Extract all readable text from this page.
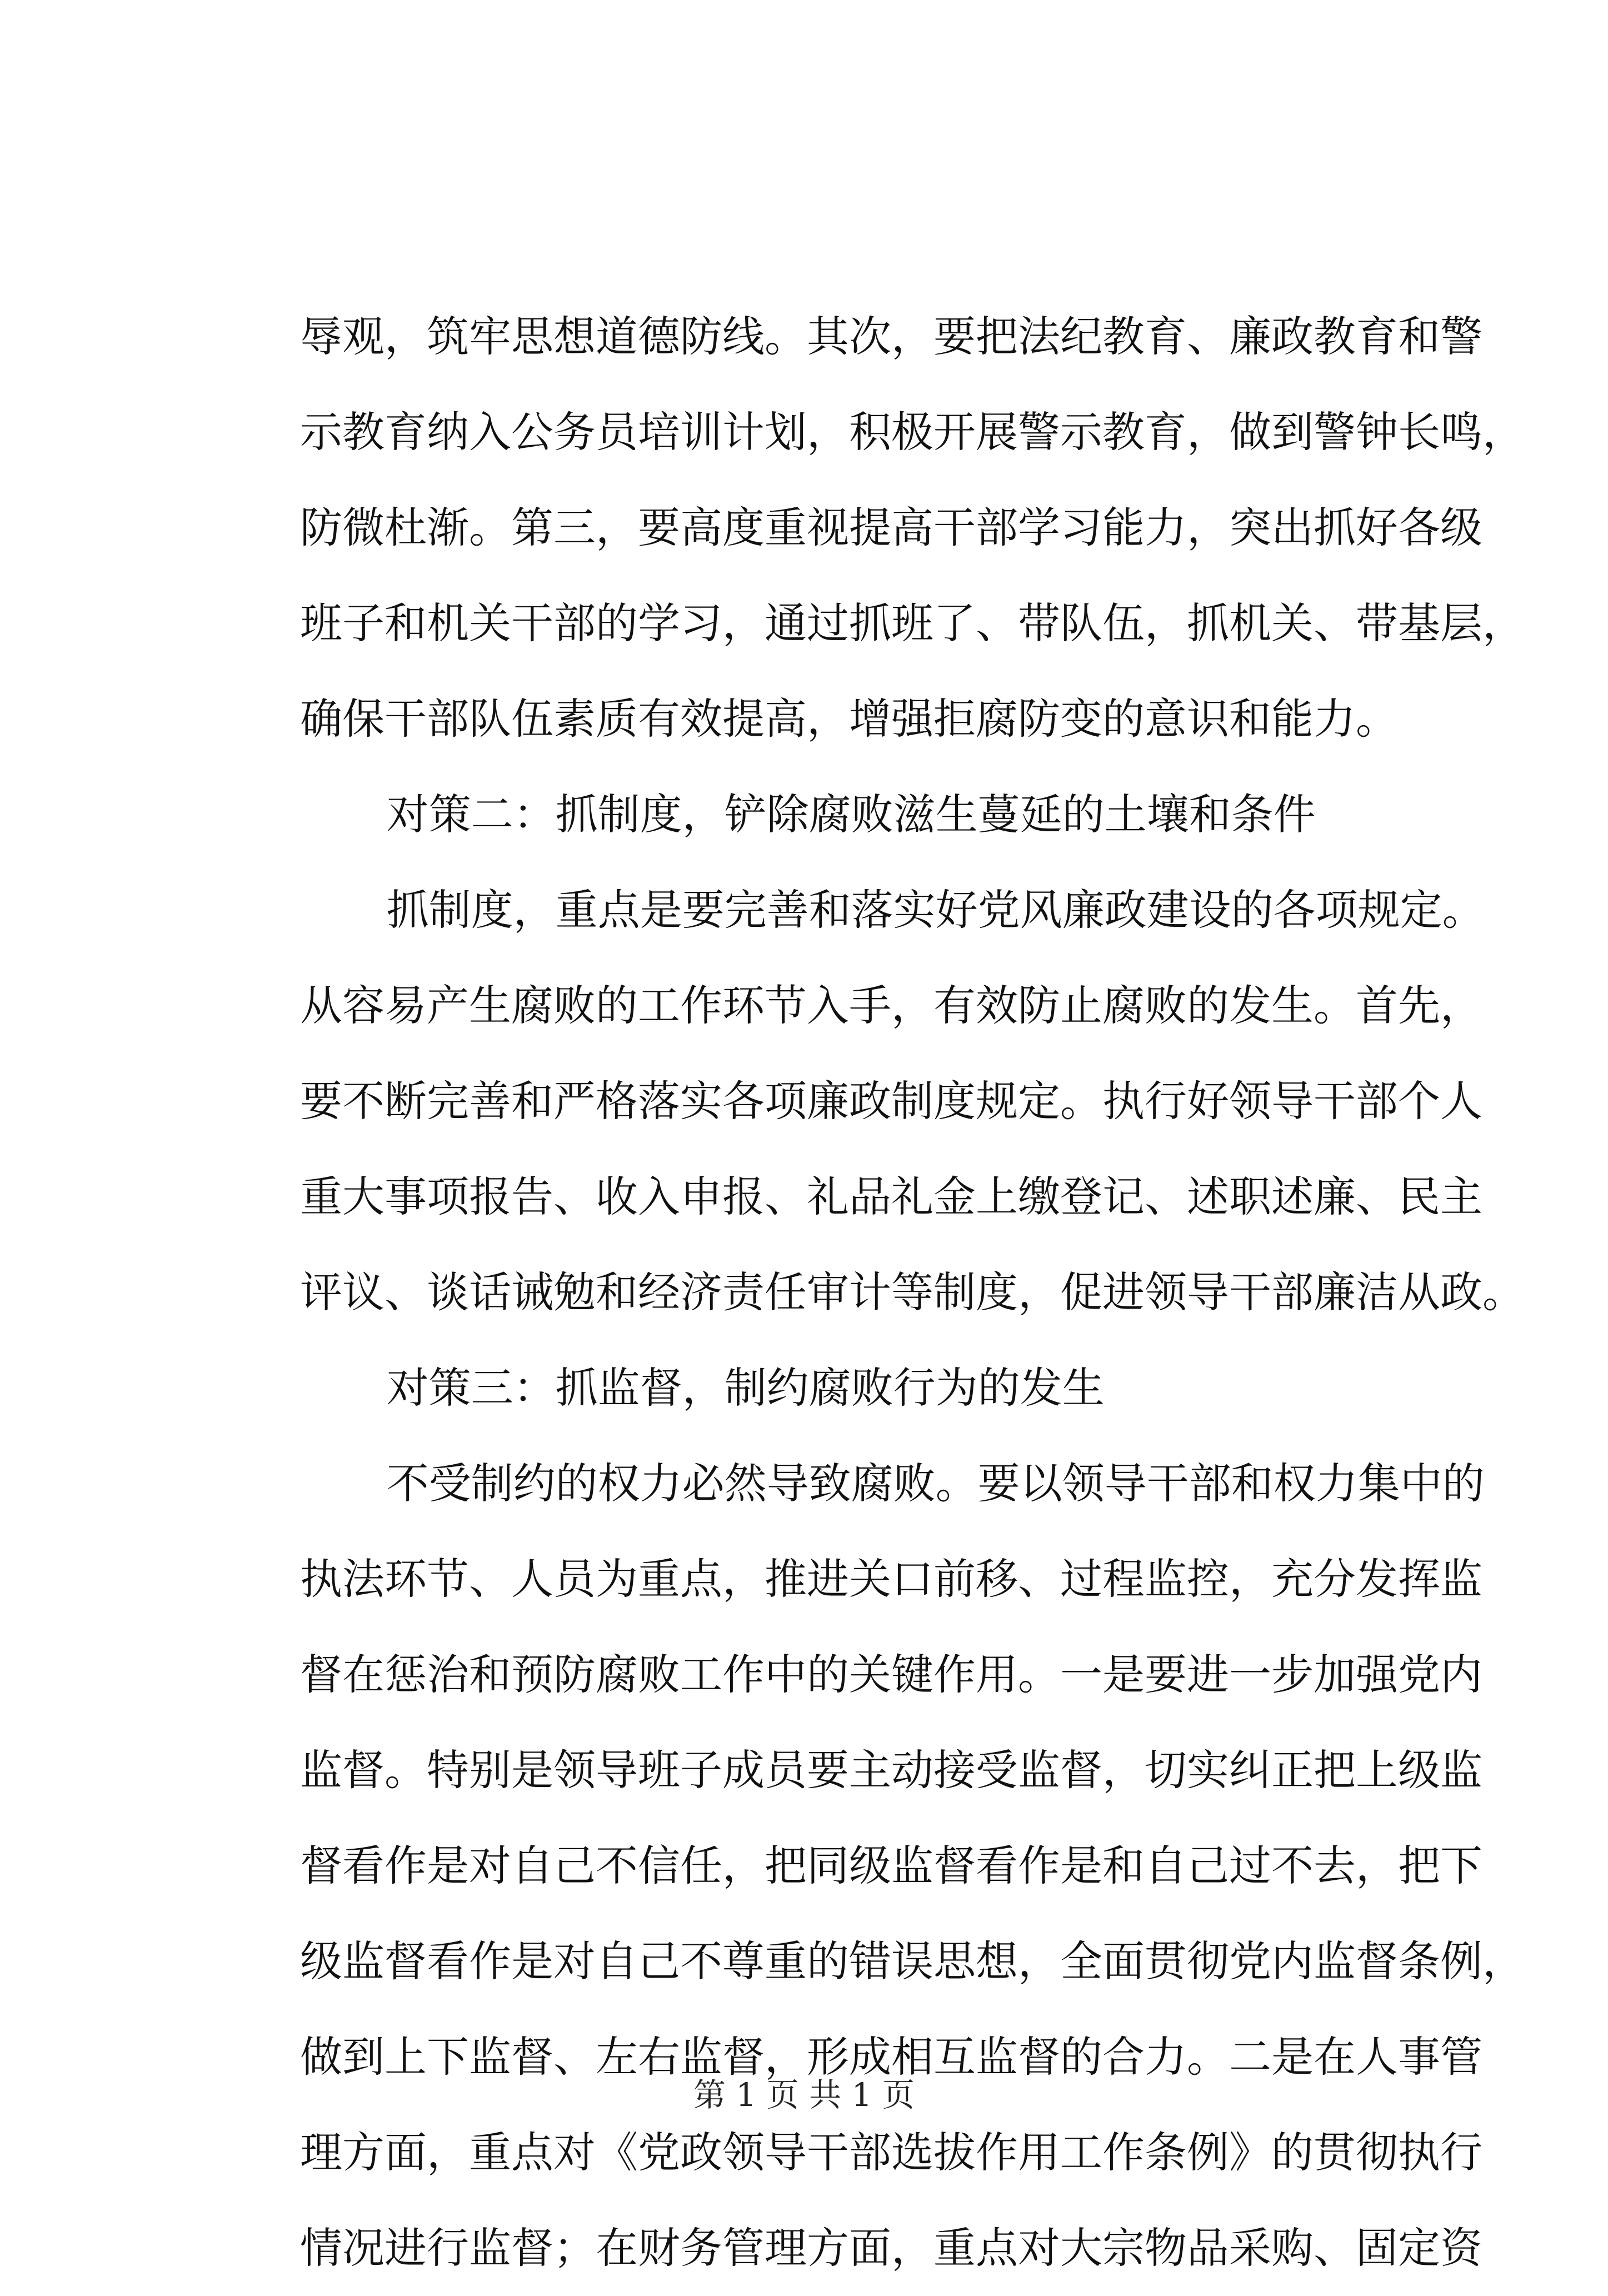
辱观，筑牢思想道德防线。其次，要把法纪教育、廉政教育和警
示教育纳入公务员培训计划，积极开展警示教育，做到警钟长鸣，
防微杜渐。第三，要高度重视提高干部学习能力，突出抓好各级
班子和机关干部的学习，通过抓班了、带队伍，抓机关、带基层，
确保干部队伍素质有效提高，增强拒腐防变的意识和能力。
对策二：抓制度，铲除腐败滋生蔓延的土壤和条件
抓制度，重点是要完善和落实好党风廉政建设的各项规定。
从容易产生腐败的工作环节入手，有效防止腐败的发生。首先，
要不断完善和严格落实各项廉政制度规定。执行好领导干部个人
重大事项报告、收入申报、礼品礼金上缴登记、述职述廉、民主
评议、谈话诫勉和经济责任审计等制度，促进领导干部廉洁从政。
对策三：抓监督，制约腐败行为的发生
不受制约的权力必然导致腐败。要以领导干部和权力集中的
执法环节、人员为重点，推进关口前移、过程监控，充分发挥监
督在惩治和预防腐败工作中的关键作用。一是要进一步加强党内
监督。特别是领导班子成员要主动接受监督，切实纠正把上级监
督看作是对自己不信任，把同级监督看作是和自己过不去，把下
级监督看作是对自己不尊重的错误思想，全面贯彻党内监督条例，
做到上下监督、左右监督，形成相互监督的合力。二是在人事管
理方面，重点对《党政领导干部选拔作用工作条例》的贯彻执行
情况进行监督；在财务管理方面，重点对大宗物品采购、固定资
第 1 页 共 1 页
